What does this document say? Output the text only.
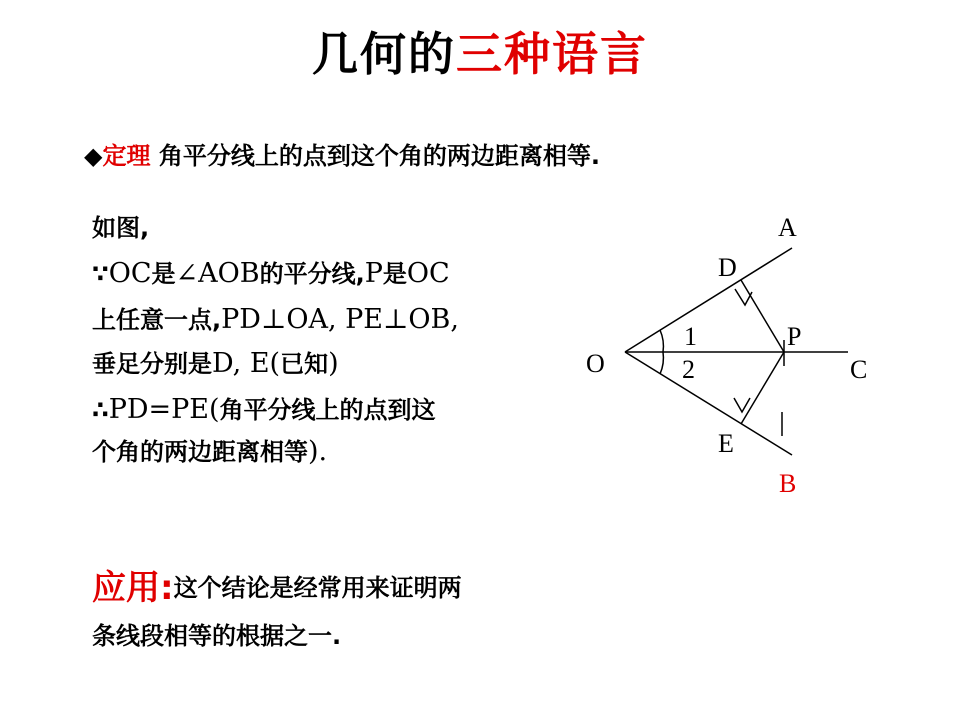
几何的三种语言
◆定理 角平分线上的点到这个角的两边距离相等.
如图,
∵OC是∠AOB的平分线,P是OC
上任意一点,PD⊥OA, PE⊥OB,
垂足分别是D, E(已知)
∴PD=PE(角平分线上的点到这
个角的两边距离相等).
应用:这个结论是经常用来证明两
条线段相等的根据之一.
A
D
1	P
O	2	C
E
B
